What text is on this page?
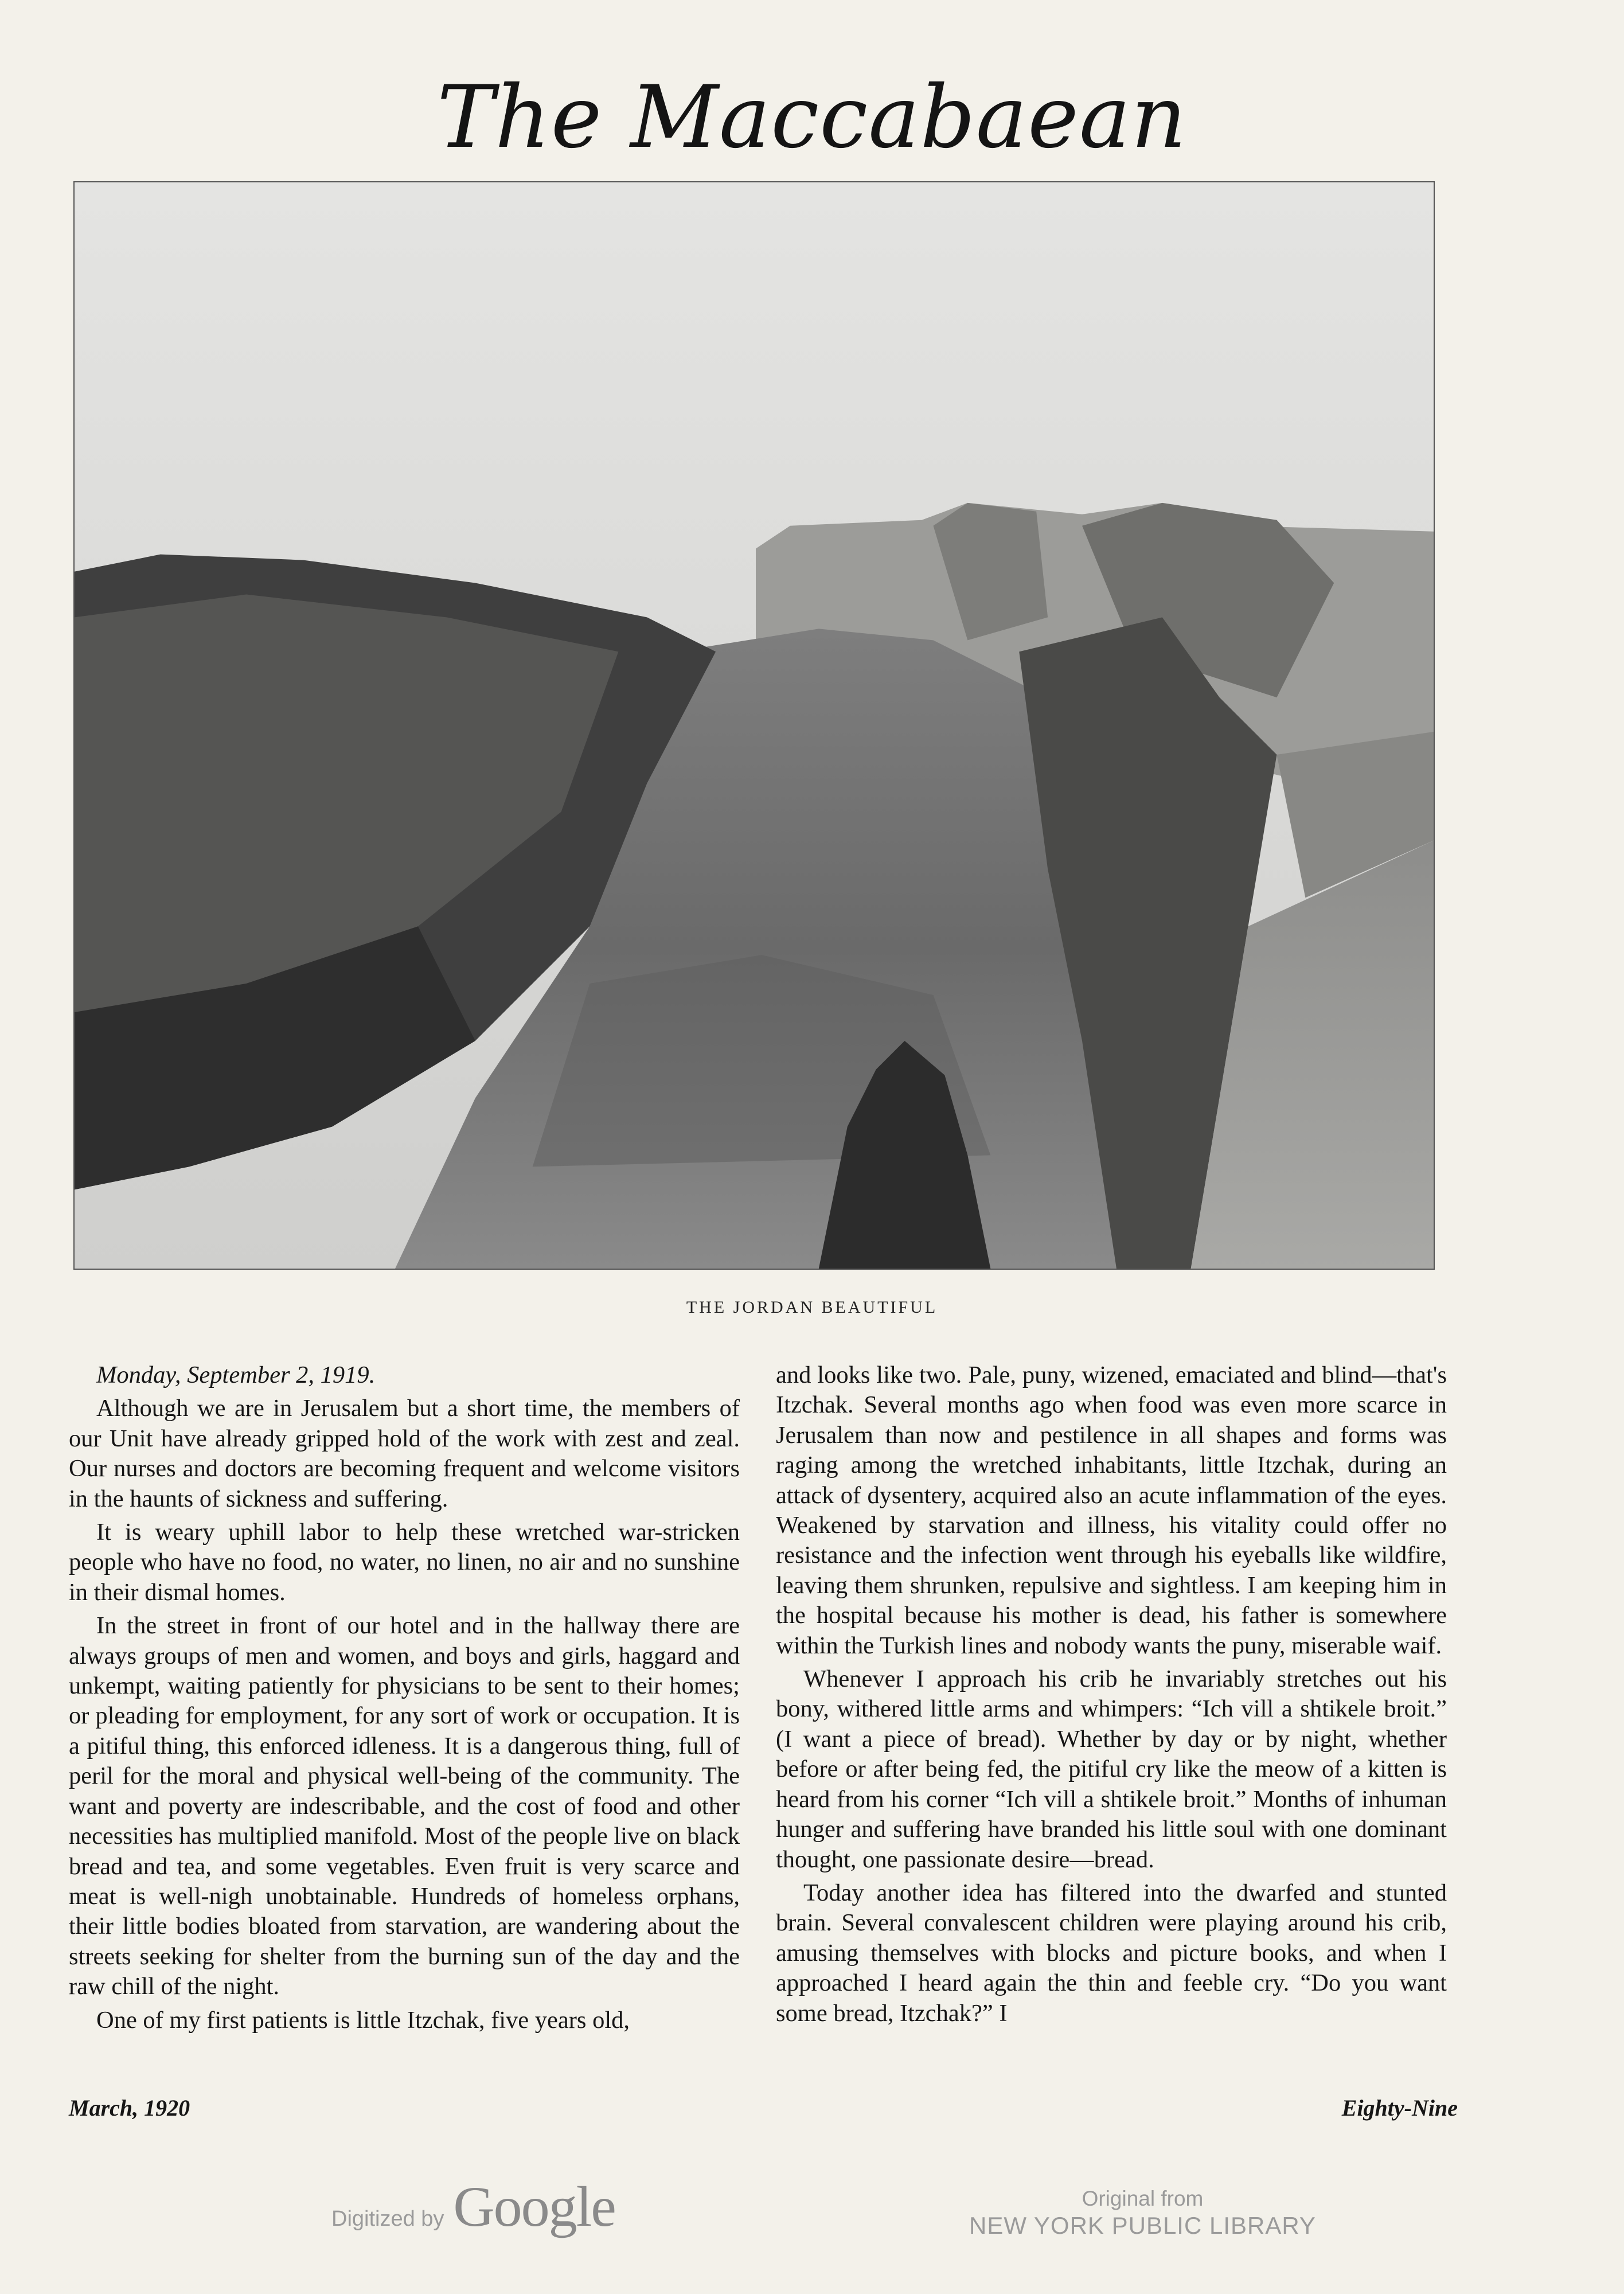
The Maccabaean
THE JORDAN BEAUTIFUL

Monday, September 2, 1919.

Although we are in Jerusalem but a short time, the members of our Unit have already gripped hold of the work with zest and zeal. Our nurses and doctors are becoming frequent and welcome visitors in the haunts of sickness and suffering.

It is weary uphill labor to help these wretched war-stricken people who have no food, no water, no linen, no air and no sunshine in their dismal homes.

In the street in front of our hotel and in the hallway there are always groups of men and women, and boys and girls, haggard and unkempt, waiting patiently for physicians to be sent to their homes; or pleading for employment, for any sort of work or occupation. It is a pitiful thing, this enforced idleness. It is a dangerous thing, full of peril for the moral and physical well-being of the community. The want and poverty are indescribable, and the cost of food and other necessities has multiplied manifold. Most of the people live on black bread and tea, and some vegetables. Even fruit is very scarce and meat is well-nigh unobtainable. Hundreds of homeless orphans, their little bodies bloated from starvation, are wandering about the streets seeking for shelter from the burning sun of the day and the raw chill of the night.

One of my first patients is little Itzchak, five years old,

and looks like two. Pale, puny, wizened, emaciated and blind—that's Itzchak. Several months ago when food was even more scarce in Jerusalem than now and pestilence in all shapes and forms was raging among the wretched inhabitants, little Itzchak, during an attack of dysentery, acquired also an acute inflammation of the eyes. Weakened by starvation and illness, his vitality could offer no resistance and the infection went through his eyeballs like wildfire, leaving them shrunken, repulsive and sightless. I am keeping him in the hospital because his mother is dead, his father is somewhere within the Turkish lines and nobody wants the puny, miserable waif.

Whenever I approach his crib he invariably stretches out his bony, withered little arms and whimpers: “Ich vill a shtikele broit.” (I want a piece of bread). Whether by day or by night, whether before or after being fed, the pitiful cry like the meow of a kitten is heard from his corner “Ich vill a shtikele broit.” Months of inhuman hunger and suffering have branded his little soul with one dominant thought, one passionate desire—bread.

Today another idea has filtered into the dwarfed and stunted brain. Several convalescent children were playing around his crib, amusing themselves with blocks and picture books, and when I approached I heard again the thin and feeble cry. “Do you want some bread, Itzchak?” I

March, 1920	Eighty-Nine
Digitized by Google	Original from
NEW YORK PUBLIC LIBRARY
